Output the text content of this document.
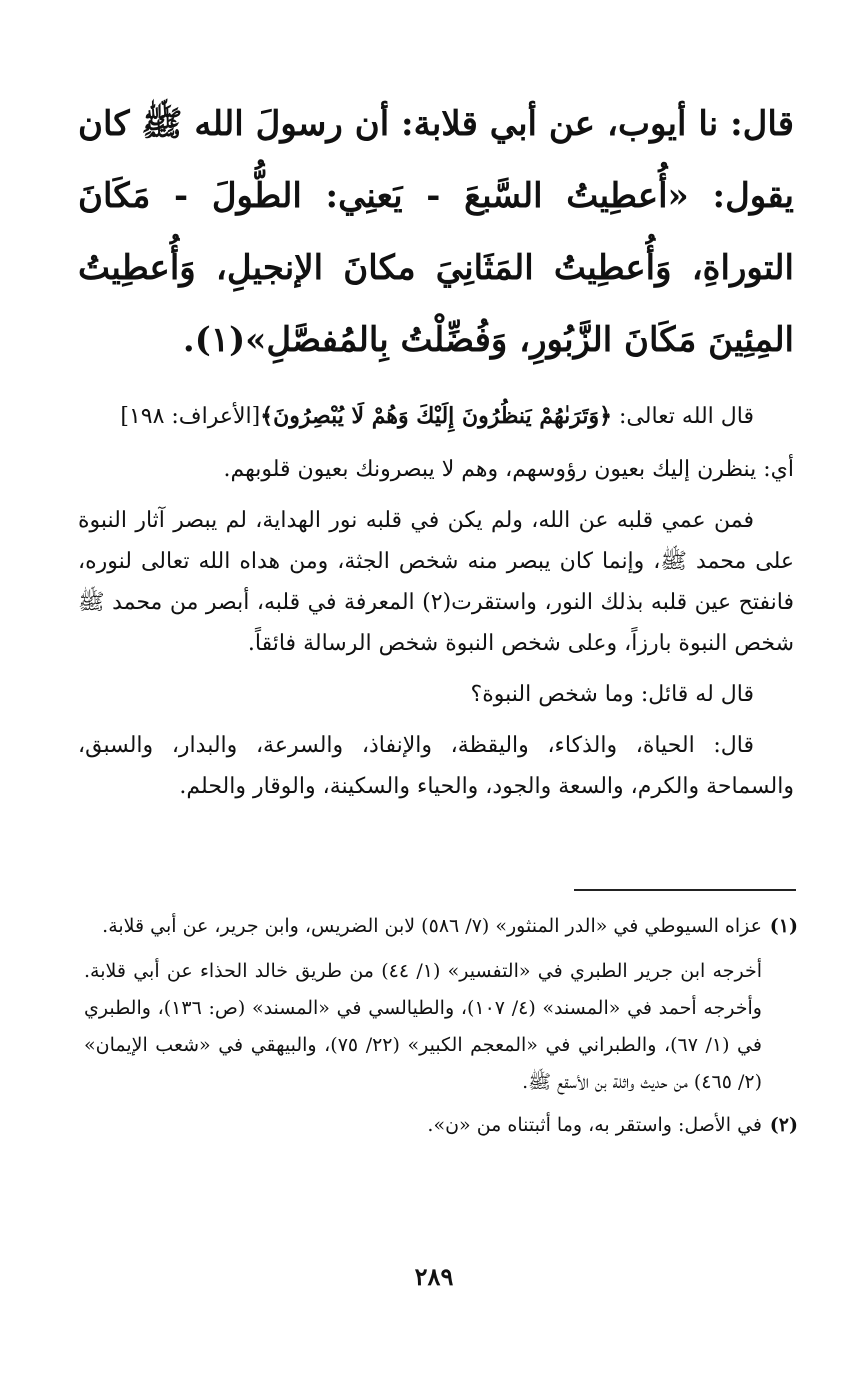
قال: نا أيوب، عن أبي قلابة: أن رسولَ الله ﷺ كان يقول: «أُعطِيتُ السَّبعَ - يَعنِي: الطُّولَ - مَكَانَ التوراةِ، وَأُعطِيتُ المَثَانِيَ مكانَ الإنجيلِ، وَأُعطِيتُ المِئِينَ مَكَانَ الزَّبُورِ، وَفُضِّلْتُ بِالمُفصَّلِ»(١).

قال الله تعالى: ﴿وَتَرَىٰهُمْ يَنظُرُونَ إِلَيْكَ وَهُمْ لَا يُبْصِرُونَ﴾[الأعراف: ١٩٨]

أي: ينظرن إليك بعيون رؤوسهم، وهم لا يبصرونك بعيون قلوبهم.

فمن عمي قلبه عن الله، ولم يكن في قلبه نور الهداية، لم يبصر آثار النبوة على محمد ﷺ، وإنما كان يبصر منه شخص الجثة، ومن هداه الله تعالى لنوره، فانفتح عين قلبه بذلك النور، واستقرت(٢) المعرفة في قلبه، أبصر من محمد ﷺ شخص النبوة بارزاً، وعلى شخص النبوة شخص الرسالة فائقاً.

قال له قائل: وما شخص النبوة؟

قال: الحياة، والذكاء، واليقظة، والإنفاذ، والسرعة، والبدار، والسبق، والسماحة والكرم، والسعة والجود، والحياء والسكينة، والوقار والحلم.

(١)
عزاه السيوطي في «الدر المنثور» (٧/ ٥٨٦) لابن الضريس، وابن جرير، عن أبي قلابة.

أخرجه ابن جرير الطبري في «التفسير» (١/ ٤٤) من طريق خالد الحذاء عن أبي قلابة. وأخرجه أحمد في «المسند» (٤/ ١٠٧)، والطيالسي في «المسند» (ص: ١٣٦)، والطبري في (١/ ٦٧)، والطبراني في «المعجم الكبير» (٢٢/ ٧٥)، والبيهقي في «شعب الإيمان» (٢/ ٤٦٥) من حديث واثلة بن الأسقع ﷺ.

(٢)
في الأصل: واستقر به، وما أثبتناه من «ن».
٢٨٩
